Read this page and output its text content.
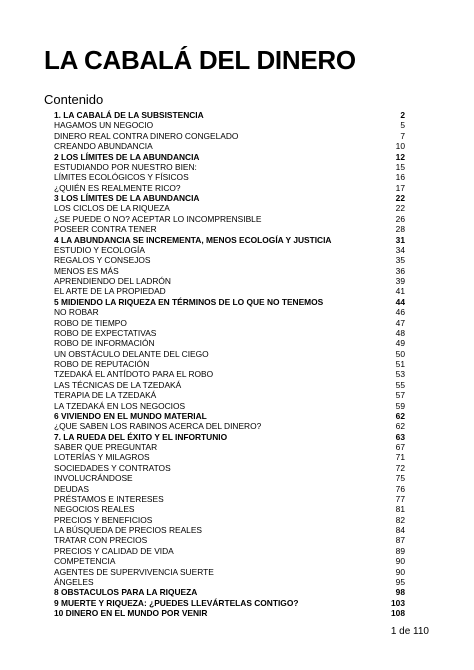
LA CABALÁ DEL DINERO
Contenido
1. LA CABALÁ DE LA SUBSISTENCIA	2
HAGAMOS UN NEGOCIO	5
DINERO REAL CONTRA DINERO CONGELADO	7
CREANDO ABUNDANCIA	10
2 LOS LÍMITES DE LA ABUNDANCIA	12
ESTUDIANDO POR NUESTRO BIEN:	15
LÍMITES ECOLÓGICOS Y FÍSICOS	16
¿QUIÉN ES REALMENTE RICO?	17
3 LOS LÍMITES DE LA ABUNDANCIA	22
LOS CICLOS DE LA RIQUEZA	22
¿SE PUEDE O NO? ACEPTAR LO INCOMPRENSIBLE	26
POSEER CONTRA TENER	28
4 LA ABUNDANCIA SE INCREMENTA, MENOS ECOLOGÍA Y JUSTICIA	31
ESTUDIO Y ECOLOGÍA	34
REGALOS Y CONSEJOS	35
MENOS ES MÁS	36
APRENDIENDO DEL LADRÓN	39
EL ARTE DE LA PROPIEDAD	41
5 MIDIENDO LA RIQUEZA EN TÉRMINOS DE LO QUE NO TENEMOS	44
NO ROBAR	46
ROBO DE TIEMPO	47
ROBO DE EXPECTATIVAS	48
ROBO DE INFORMACIÓN	49
UN OBSTÁCULO DELANTE DEL CIEGO	50
ROBO DE REPUTACIÓN	51
TZEDAKÁ EL ANTÍDOTO PARA EL ROBO	53
LAS TÉCNICAS DE LA TZEDAKÁ	55
TERAPIA DE LA TZEDAKÁ	57
LA TZEDAKÁ EN LOS NEGOCIOS	59
6 VIVIENDO EN EL MUNDO MATERIAL	62
¿QUE SABEN LOS RABINOS ACERCA DEL DINERO?	62
7. LA RUEDA DEL ÉXITO Y EL INFORTUNIO	63
SABER QUE PREGUNTAR	67
LOTERÍAS Y MILAGROS	71
SOCIEDADES Y CONTRATOS	72
INVOLUCRÁNDOSE	75
DEUDAS	76
PRÉSTAMOS E INTERESES	77
NEGOCIOS REALES	81
PRECIOS Y BENEFICIOS	82
LA BÚSQUEDA DE PRECIOS REALES	84
TRATAR CON PRECIOS	87
PRECIOS Y CALIDAD DE VIDA	89
COMPETENCIA	90
AGENTES DE SUPERVIVENCIA SUERTE	90
ÁNGELES	95
8 OBSTACULOS PARA LA RIQUEZA	98
9 MUERTE Y RIQUEZA: ¿PUEDES LLEVÁRTELAS CONTIGO?	103
10 DINERO EN EL MUNDO POR VENIR	108
1 de 110
